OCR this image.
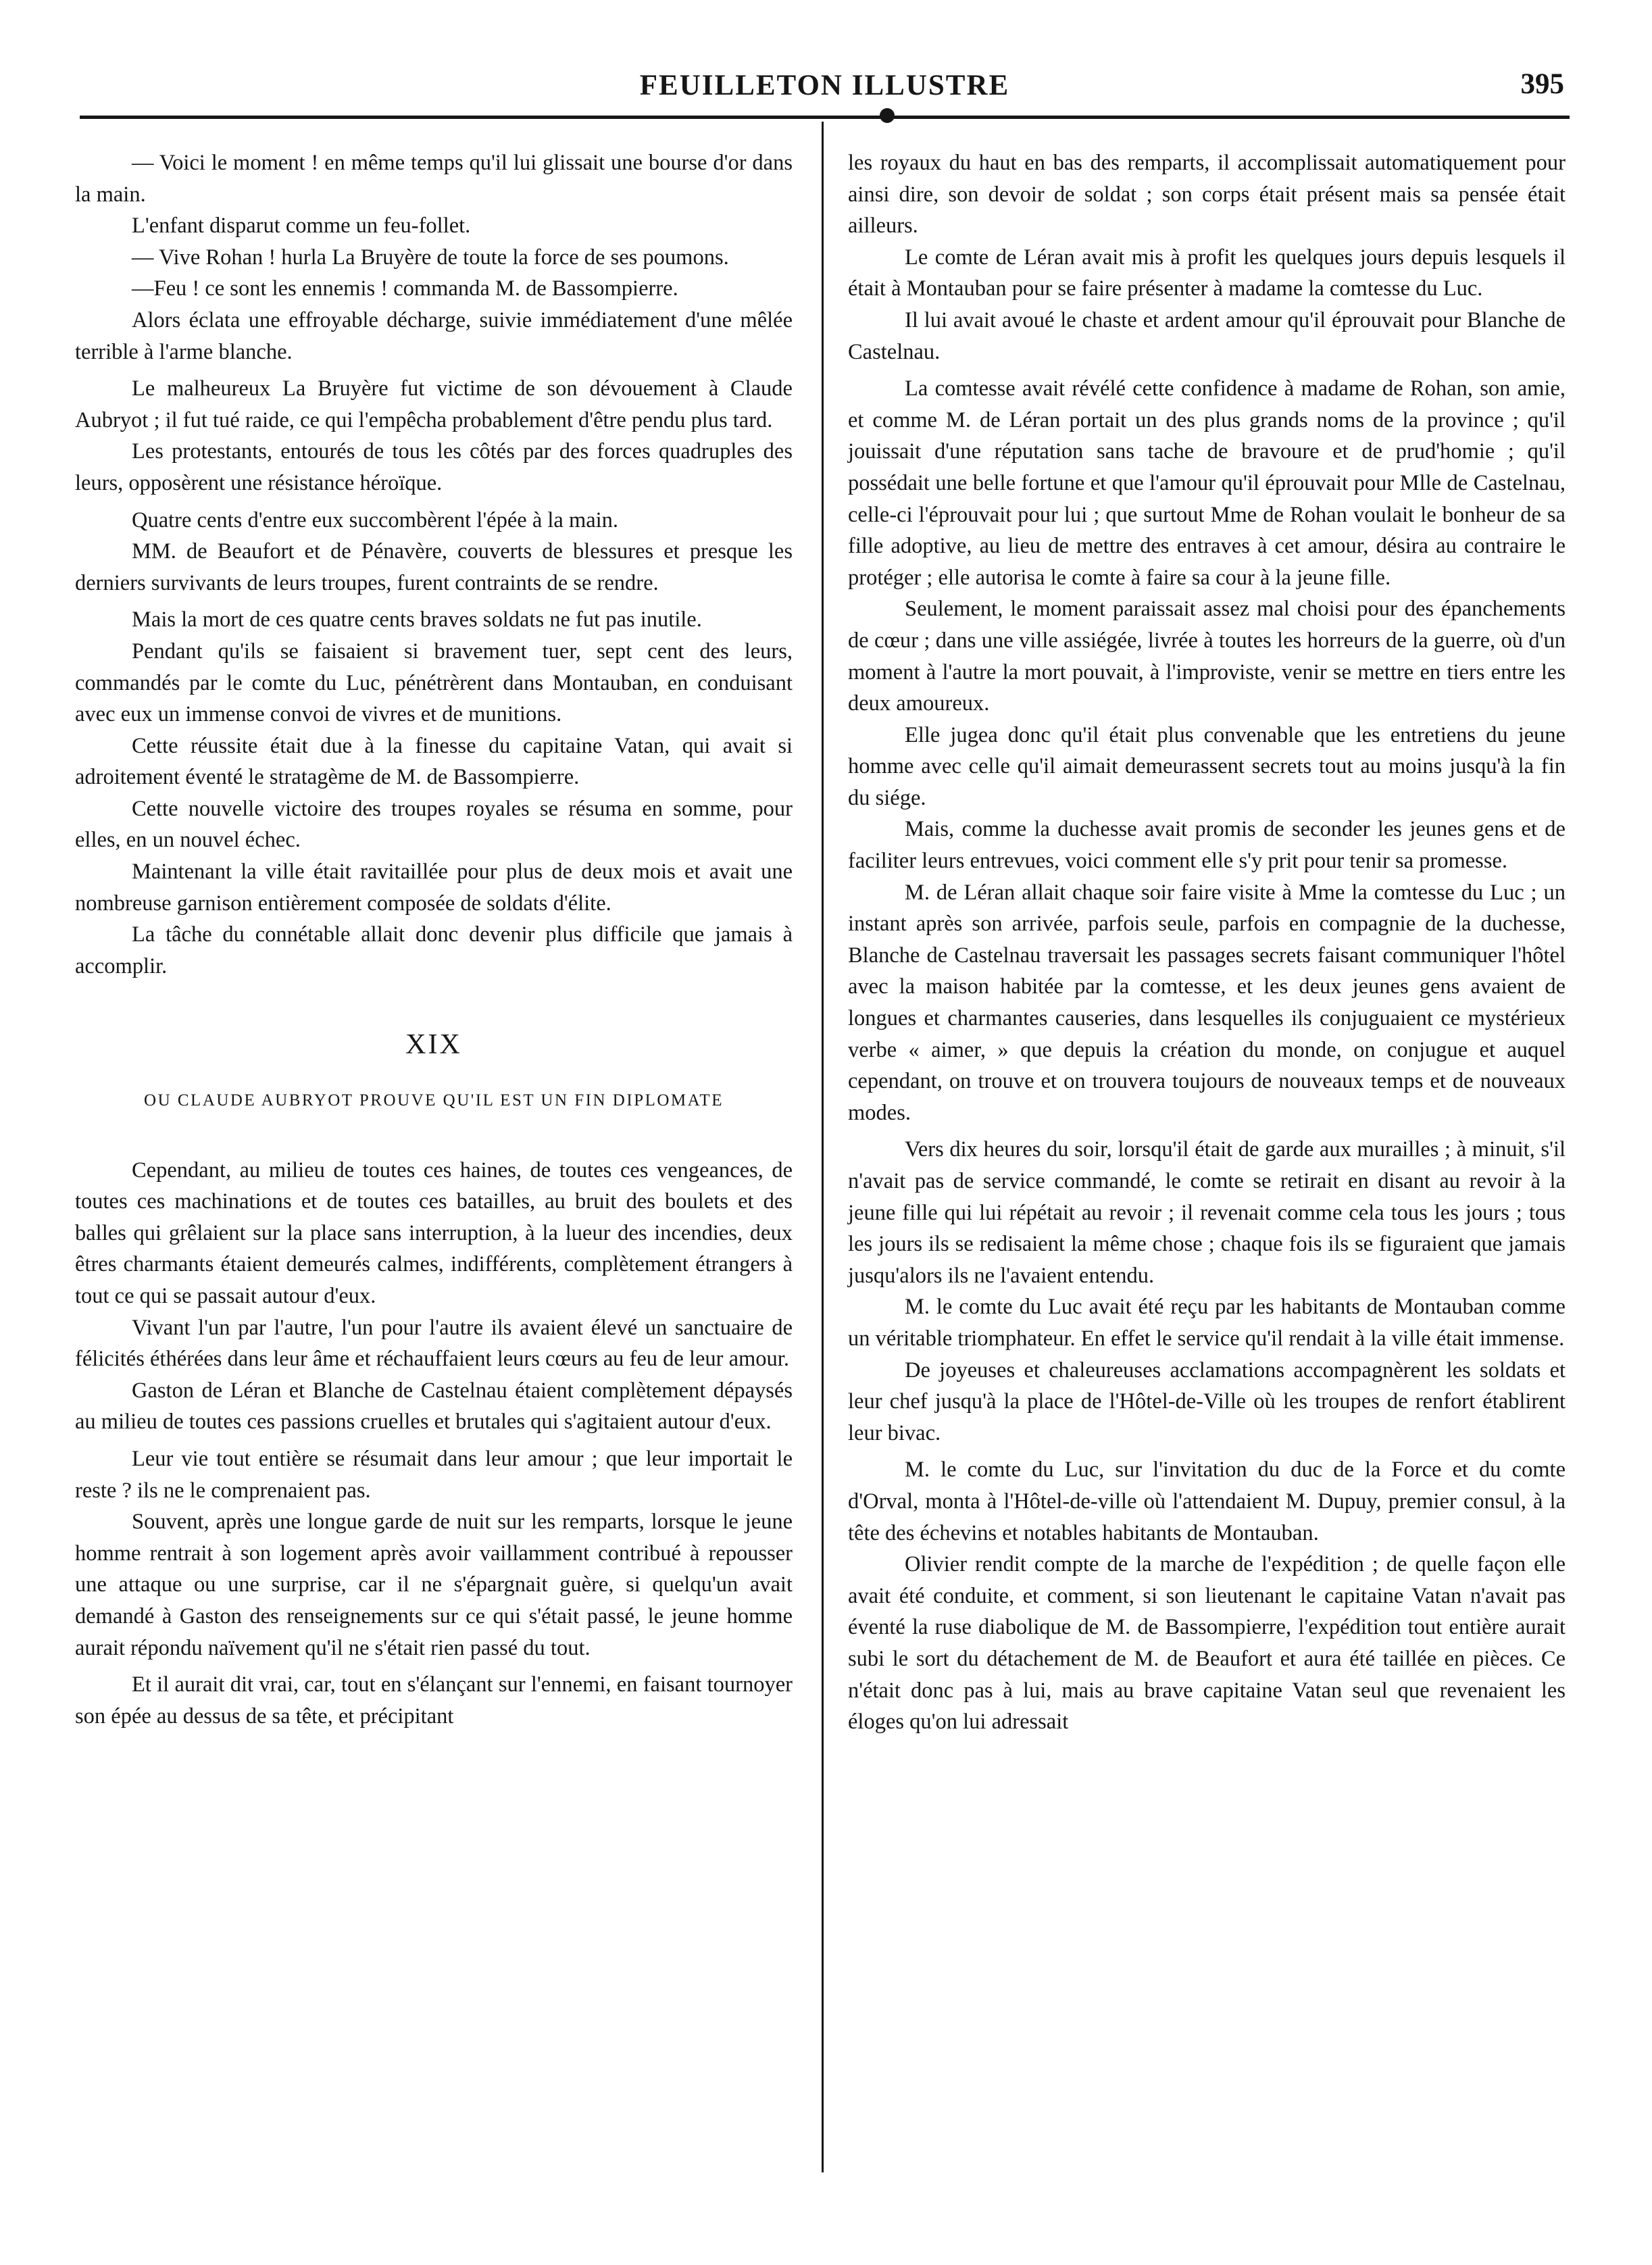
FEUILLETON ILLUSTRE	395

— Voici le moment ! en même temps qu'il lui glissait une bourse d'or dans la main.

L'enfant disparut comme un feu-follet.

— Vive Rohan ! hurla La Bruyère de toute la force de ses poumons.

—Feu ! ce sont les ennemis ! commanda M. de Bassompierre.

Alors éclata une effroyable décharge, suivie immédiatement d'une mêlée terrible à l'arme blanche.

Le malheureux La Bruyère fut victime de son dévouement à Claude Aubryot ; il fut tué raide, ce qui l'empêcha probablement d'être pendu plus tard.

Les protestants, entourés de tous les côtés par des forces quadruples des leurs, opposèrent une résistance héroïque.

Quatre cents d'entre eux succombèrent l'épée à la main.

MM. de Beaufort et de Pénavère, couverts de blessures et presque les derniers survivants de leurs troupes, furent contraints de se rendre.

Mais la mort de ces quatre cents braves soldats ne fut pas inutile.

Pendant qu'ils se faisaient si bravement tuer, sept cent des leurs, commandés par le comte du Luc, pénétrèrent dans Montauban, en conduisant avec eux un immense convoi de vivres et de munitions.

Cette réussite était due à la finesse du capitaine Vatan, qui avait si adroitement éventé le stratagème de M. de Bassompierre.

Cette nouvelle victoire des troupes royales se résuma en somme, pour elles, en un nouvel échec.

Maintenant la ville était ravitaillée pour plus de deux mois et avait une nombreuse garnison entièrement composée de soldats d'élite.

La tâche du connétable allait donc devenir plus difficile que jamais à accomplir.

XIX
OU CLAUDE AUBRYOT PROUVE QU'IL EST UN FIN DIPLOMATE

Cependant, au milieu de toutes ces haines, de toutes ces vengeances, de toutes ces machinations et de toutes ces batailles, au bruit des boulets et des balles qui grêlaient sur la place sans interruption, à la lueur des incendies, deux êtres charmants étaient demeurés calmes, indifférents, complètement étrangers à tout ce qui se passait autour d'eux.

Vivant l'un par l'autre, l'un pour l'autre ils avaient élevé un sanctuaire de félicités éthérées dans leur âme et réchauffaient leurs cœurs au feu de leur amour.

Gaston de Léran et Blanche de Castelnau étaient complètement dépaysés au milieu de toutes ces passions cruelles et brutales qui s'agitaient autour d'eux.

Leur vie tout entière se résumait dans leur amour ; que leur importait le reste ? ils ne le comprenaient pas.

Souvent, après une longue garde de nuit sur les remparts, lorsque le jeune homme rentrait à son logement après avoir vaillamment contribué à repousser une attaque ou une surprise, car il ne s'épargnait guère, si quelqu'un avait demandé à Gaston des renseignements sur ce qui s'était passé, le jeune homme aurait répondu naïvement qu'il ne s'était rien passé du tout.

Et il aurait dit vrai, car, tout en s'élançant sur l'ennemi, en faisant tournoyer son épée au dessus de sa tête, et précipitant

les royaux du haut en bas des remparts, il accomplissait automatiquement pour ainsi dire, son devoir de soldat ; son corps était présent mais sa pensée était ailleurs.

Le comte de Léran avait mis à profit les quelques jours depuis lesquels il était à Montauban pour se faire présenter à madame la comtesse du Luc.

Il lui avait avoué le chaste et ardent amour qu'il éprouvait pour Blanche de Castelnau.

La comtesse avait révélé cette confidence à madame de Rohan, son amie, et comme M. de Léran portait un des plus grands noms de la province ; qu'il jouissait d'une réputation sans tache de bravoure et de prud'homie ; qu'il possédait une belle fortune et que l'amour qu'il éprouvait pour Mlle de Castelnau, celle-ci l'éprouvait pour lui ; que surtout Mme de Rohan voulait le bonheur de sa fille adoptive, au lieu de mettre des entraves à cet amour, désira au contraire le protéger ; elle autorisa le comte à faire sa cour à la jeune fille.

Seulement, le moment paraissait assez mal choisi pour des épanchements de cœur ; dans une ville assiégée, livrée à toutes les horreurs de la guerre, où d'un moment à l'autre la mort pouvait, à l'improviste, venir se mettre en tiers entre les deux amoureux.

Elle jugea donc qu'il était plus convenable que les entretiens du jeune homme avec celle qu'il aimait demeurassent secrets tout au moins jusqu'à la fin du siége.

Mais, comme la duchesse avait promis de seconder les jeunes gens et de faciliter leurs entrevues, voici comment elle s'y prit pour tenir sa promesse.

M. de Léran allait chaque soir faire visite à Mme la comtesse du Luc ; un instant après son arrivée, parfois seule, parfois en compagnie de la duchesse, Blanche de Castelnau traversait les passages secrets faisant communiquer l'hôtel avec la maison habitée par la comtesse, et les deux jeunes gens avaient de longues et charmantes causeries, dans lesquelles ils conjuguaient ce mystérieux verbe « aimer, » que depuis la création du monde, on conjugue et auquel cependant, on trouve et on trouvera toujours de nouveaux temps et de nouveaux modes.

Vers dix heures du soir, lorsqu'il était de garde aux murailles ; à minuit, s'il n'avait pas de service commandé, le comte se retirait en disant au revoir à la jeune fille qui lui répétait au revoir ; il revenait comme cela tous les jours ; tous les jours ils se redisaient la même chose ; chaque fois ils se figuraient que jamais jusqu'alors ils ne l'avaient entendu.

M. le comte du Luc avait été reçu par les habitants de Montauban comme un véritable triomphateur. En effet le service qu'il rendait à la ville était immense.

De joyeuses et chaleureuses acclamations accompagnèrent les soldats et leur chef jusqu'à la place de l'Hôtel-de-Ville où les troupes de renfort établirent leur bivac.

M. le comte du Luc, sur l'invitation du duc de la Force et du comte d'Orval, monta à l'Hôtel-de-ville où l'attendaient M. Dupuy, premier consul, à la tête des échevins et notables habitants de Montauban.

Olivier rendit compte de la marche de l'expédition ; de quelle façon elle avait été conduite, et comment, si son lieutenant le capitaine Vatan n'avait pas éventé la ruse diabolique de M. de Bassompierre, l'expédition tout entière aurait subi le sort du détachement de M. de Beaufort et aura été taillée en pièces. Ce n'était donc pas à lui, mais au brave capitaine Vatan seul que revenaient les éloges qu'on lui adressait
